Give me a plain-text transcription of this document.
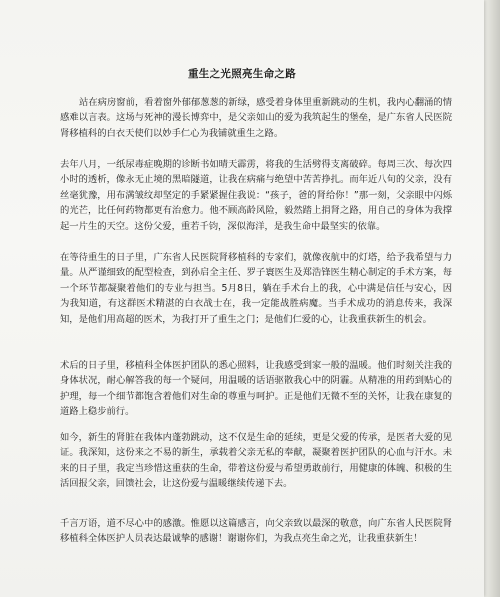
重生之光照亮生命之路

站在病房窗前，看着窗外郁郁葱葱的新绿，感受着身体里重新跳动的生机，我内心翻涌的情感难以言表。这场与死神的漫长博弈中，是父亲如山的爱为我筑起生的堡垒，是广东省人民医院肾移植科的白衣天使们以妙手仁心为我铺就重生之路。

去年八月，一纸尿毒症晚期的诊断书如晴天霹雳，将我的生活劈得支离破碎。每周三次、每次四小时的透析，像永无止境的黑暗隧道，让我在病痛与绝望中苦苦挣扎。而年近八旬的父亲，没有丝毫犹豫，用布满皱纹却坚定的手紧紧握住我说：“孩子，爸的肾给你！”那一刻，父亲眼中闪烁的光芒，比任何药物都更有治愈力。他不顾高龄风险，毅然踏上捐肾之路，用自己的身体为我撑起一片生的天空。这份父爱，重若千钧，深似海洋，是我生命中最坚实的依靠。

在等待重生的日子里，广东省人民医院肾移植科的专家们，就像夜航中的灯塔，给予我希望与力量。从严谨细致的配型检查，到孙启全主任、罗子寰医生及郑浩锋医生精心制定的手术方案，每一个环节都凝聚着他们的专业与担当。5月8日，躺在手术台上的我，心中满是信任与安心，因为我知道，有这群医术精湛的白衣战士在，我一定能战胜病魔。当手术成功的消息传来，我深知，是他们用高超的医术，为我打开了重生之门；是他们仁爱的心，让我重获新生的机会。

术后的日子里，移植科全体医护团队的悉心照料，让我感受到家一般的温暖。他们时刻关注我的身体状况，耐心解答我的每一个疑问，用温暖的话语驱散我心中的阴霾。从精准的用药到贴心的护理，每一个细节都饱含着他们对生命的尊重与呵护。正是他们无微不至的关怀，让我在康复的道路上稳步前行。

如今，新生的肾脏在我体内蓬勃跳动，这不仅是生命的延续，更是父爱的传承，是医者大爱的见证。我深知，这份来之不易的新生，承载着父亲无私的奉献，凝聚着医护团队的心血与汗水。未来的日子里，我定当珍惜这重获的生命，带着这份爱与希望勇敢前行，用健康的体魄、积极的生活回报父亲，回馈社会，让这份爱与温暖继续传递下去。

千言万语，道不尽心中的感激。惟愿以这篇感言，向父亲致以最深的敬意，向广东省人民医院肾移植科全体医护人员表达最诚挚的感谢！谢谢你们，为我点亮生命之光，让我重获新生！
